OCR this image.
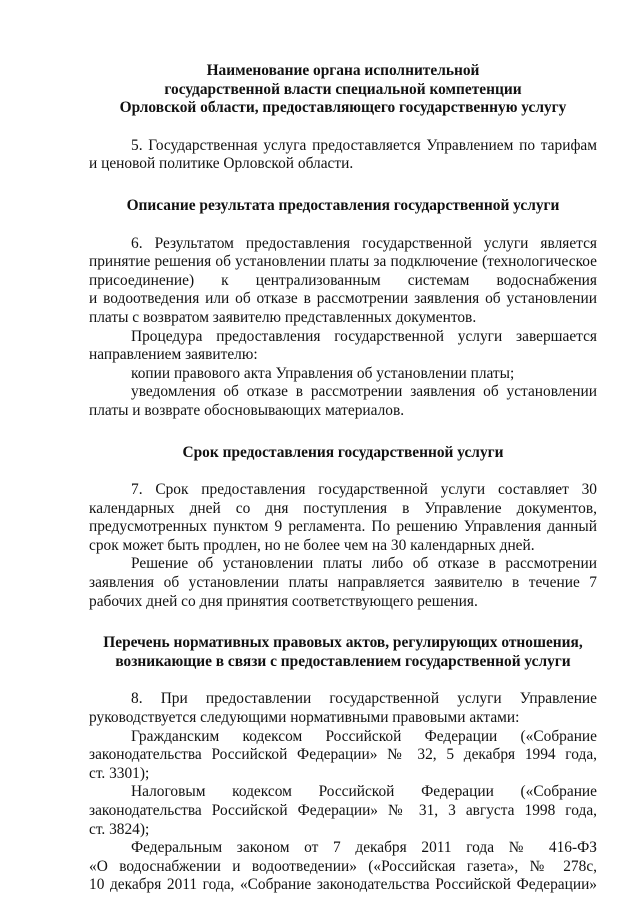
Наименование органа исполнительной
государственной власти специальной компетенции
Орловской области, предоставляющего государственную услугу
5. Государственная услуга предоставляется Управлением по тарифам
и ценовой политике Орловской области.
Описание результата предоставления государственной услуги
6. Результатом предоставления государственной услуги является
принятие решения об установлении платы за подключение (технологическое
присоединение) к централизованным системам водоснабжения
и водоотведения или об отказе в рассмотрении заявления об установлении
платы с возвратом заявителю представленных документов.
Процедура предоставления государственной услуги завершается
направлением заявителю:
копии правового акта Управления об установлении платы;
уведомления об отказе в рассмотрении заявления об установлении
платы и возврате обосновывающих материалов.
Срок предоставления государственной услуги
7. Срок предоставления государственной услуги составляет 30
календарных дней со дня поступления в Управление документов,
предусмотренных пунктом 9 регламента. По решению Управления данный
срок может быть продлен, но не более чем на 30 календарных дней.
Решение об установлении платы либо об отказе в рассмотрении
заявления об установлении платы направляется заявителю в течение 7
рабочих дней со дня принятия соответствующего решения.
Перечень нормативных правовых актов, регулирующих отношения,
возникающие в связи с предоставлением государственной услуги
8. При предоставлении государственной услуги Управление
руководствуется следующими нормативными правовыми актами:
Гражданским кодексом Российской Федерации («Собрание
законодательства Российской Федерации» № 32, 5 декабря 1994 года,
ст. 3301);
Налоговым кодексом Российской Федерации («Собрание
законодательства Российской Федерации» № 31, 3 августа 1998 года,
ст. 3824);
Федеральным законом от 7 декабря 2011 года № 416-ФЗ
«О водоснабжении и водоотведении» («Российская газета», № 278с,
10 декабря 2011 года, «Собрание законодательства Российской Федерации»
